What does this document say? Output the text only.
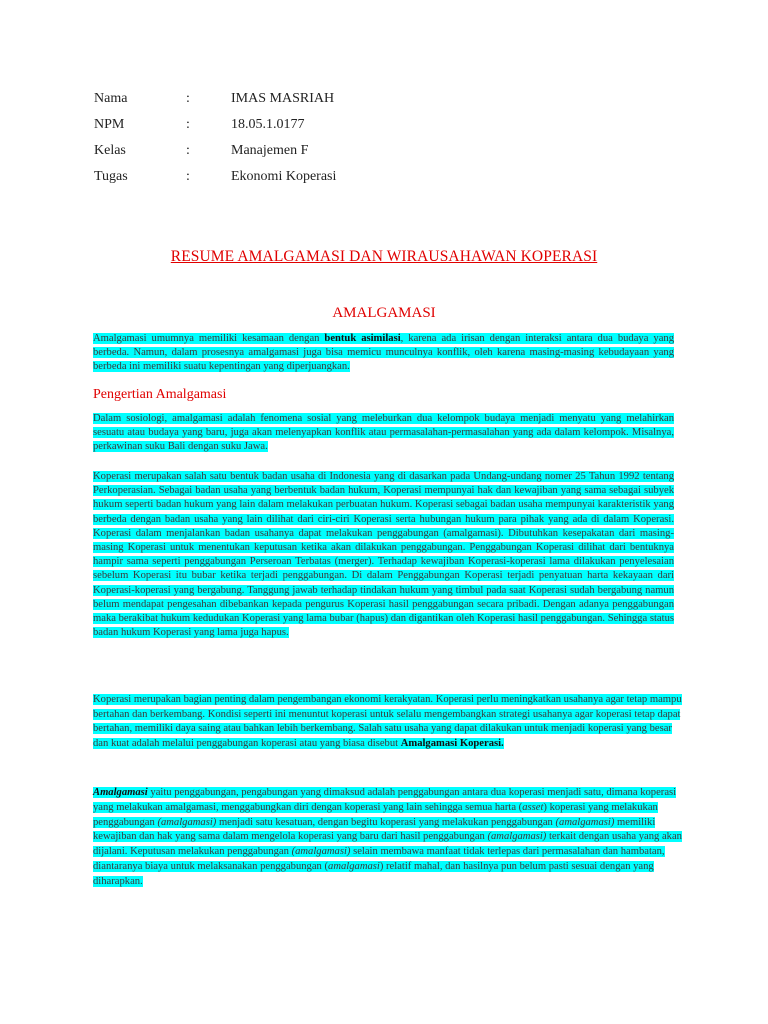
Nama	:	IMAS MASRIAH
NPM	:	18.05.1.0177
Kelas	:	Manajemen F
Tugas	:	Ekonomi Koperasi
RESUME AMALGAMASI DAN WIRAUSAHAWAN KOPERASI
AMALGAMASI
Amalgamasi umumnya memiliki kesamaan dengan bentuk asimilasi, karena ada irisan dengan interaksi antara dua budaya yang berbeda. Namun, dalam prosesnya amalgamasi juga bisa memicu munculnya konflik, oleh karena masing-masing kebudayaan yang berbeda ini memiliki suatu kepentingan yang diperjuangkan.
Pengertian Amalgamasi
Dalam sosiologi, amalgamasi adalah fenomena sosial yang meleburkan dua kelompok budaya menjadi menyatu yang melahirkan sesuatu atau budaya yang baru, juga akan melenyapkan konflik atau permasalahan-permasalahan yang ada dalam kelompok. Misalnya, perkawinan suku Bali dengan suku Jawa.
Koperasi merupakan salah satu bentuk badan usaha di Indonesia yang di dasarkan pada Undang-undang nomer 25 Tahun 1992 tentang Perkoperasian. Sebagai badan usaha yang berbentuk badan hukum, Koperasi mempunyai hak dan kewajiban yang sama sebagai subyek hukum seperti badan hukum yang lain dalam melakukan perbuatan hukum. Koperasi sebagai badan usaha mempunyai karakteristik yang berbeda dengan badan usaha yang lain dilihat dari ciri-ciri Koperasi serta hubungan hukum para pihak yang ada di dalam Koperasi. Koperasi dalam menjalankan badan usahanya dapat melakukan penggabungan (amalgamasi). Dibutuhkan kesepakatan dari masing-masing Koperasi untuk menentukan keputusan ketika akan dilakukan penggabungan. Penggabungan Koperasi dilihat dari bentuknya hampir sama seperti penggabungan Perseroan Terbatas (merger). Terhadap kewajiban Koperasi-koperasi lama dilakukan penyelesaian sebelum Koperasi itu bubar ketika terjadi penggabungan. Di dalam Penggabungan Koperasi terjadi penyatuan harta kekayaan dari Koperasi-koperasi yang bergabung. Tanggung jawab terhadap tindakan hukum yang timbul pada saat Koperasi sudah bergabung namun belum mendapat pengesahan dibebankan kepada pengurus Koperasi hasil penggabungan secara pribadi. Dengan adanya penggabungan maka berakibat hukum kedudukan Koperasi yang lama bubar (hapus) dan digantikan oleh Koperasi hasil penggabungan. Sehingga status badan hukum Koperasi yang lama juga hapus.
Koperasi merupakan bagian penting dalam pengembangan ekonomi kerakyatan. Koperasi perlu meningkatkan usahanya agar tetap mampu bertahan dan berkembang. Kondisi seperti ini menuntut koperasi untuk selalu mengembangkan strategi usahanya agar koperasi tetap dapat bertahan, memiliki daya saing atau bahkan lebih berkembang. Salah satu usaha yang dapat dilakukan untuk menjadi koperasi yang besar dan kuat adalah melalui penggabungan koperasi atau yang biasa disebut Amalgamasi Koperasi.
Amalgamasi yaitu penggabungan, pengabungan yang dimaksud adalah penggabungan antara dua koperasi menjadi satu, dimana koperasi yang melakukan amalgamasi, menggabungkan diri dengan koperasi yang lain sehingga semua harta (asset) koperasi yang melakukan penggabungan (amalgamasi) menjadi satu kesatuan, dengan begitu koperasi yang melakukan penggabungan (amalgamasi) memiliki kewajiban dan hak yang sama dalam mengelola koperasi yang baru dari hasil penggabungan (amalgamasi) terkait dengan usaha yang akan dijalani. Keputusan melakukan penggabungan (amalgamasi) selain membawa manfaat tidak terlepas dari permasalahan dan hambatan, diantaranya biaya untuk melaksanakan penggabungan (amalgamasi) relatif mahal, dan hasilnya pun belum pasti sesuai dengan yang diharapkan.
